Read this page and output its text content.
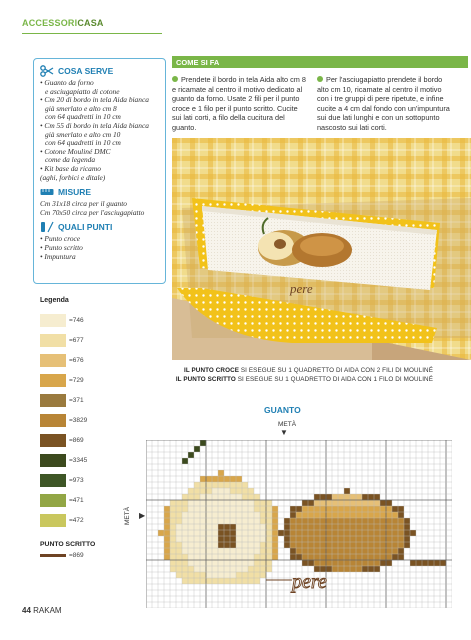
ACCESSORICASA
COSA SERVE
• Guanto da forno
e asciugapiatto di cotone
• Cm 20 di bordo in tela Aida bianca
già smerlato e alto cm 8
con 64 quadretti in 10 cm
• Cm 55 di bordo in tela Aida bianca
già smerlato e alto cm 10
con 64 quadretti in 10 cm
• Cotone Mouliné DMC
come da legenda
• Kit base da ricamo
(aghi, forbici e ditale)
MISURE
Cm 31x18 circa per il guanto
Cm 70x50 circa per l'asciugapiatto
QUALI PUNTI
• Punto croce
• Punto scritto
• Impuntura
Legenda
=746
=677
=676
=729
=371
=3829
=869
=3345
=973
=471
=472
PUNTO SCRITTO
=869
COME SI FA
Prendete il bordo in tela Aida alto cm 8 e ricamate al centro il motivo dedicato al guanto da forno. Usate 2 fili per il punto croce e 1 filo per il punto scritto. Cucite sui lati corti, a filo della cucitura del guanto.
Per l'asciugapiatto prendete il bordo alto cm 10, ricamate al centro il motivo con i tre gruppi di pere ripetute, e infine cucite a 4 cm dal fondo con un'impuntura sui due lati lunghi e con un sottopunto nascosto sui lati corti.
pere
IL PUNTO CROCE SI ESEGUE SU 1 QUADRETTO DI AIDA CON 2 FILI DI MOULINÉ
IL PUNTO SCRITTO SI ESEGUE SU 1 QUADRETTO DI AIDA CON 1 FILO DI MOULINÉ
GUANTO
METÀ
▼
METÀ ▶
pere
44 RAKAM
